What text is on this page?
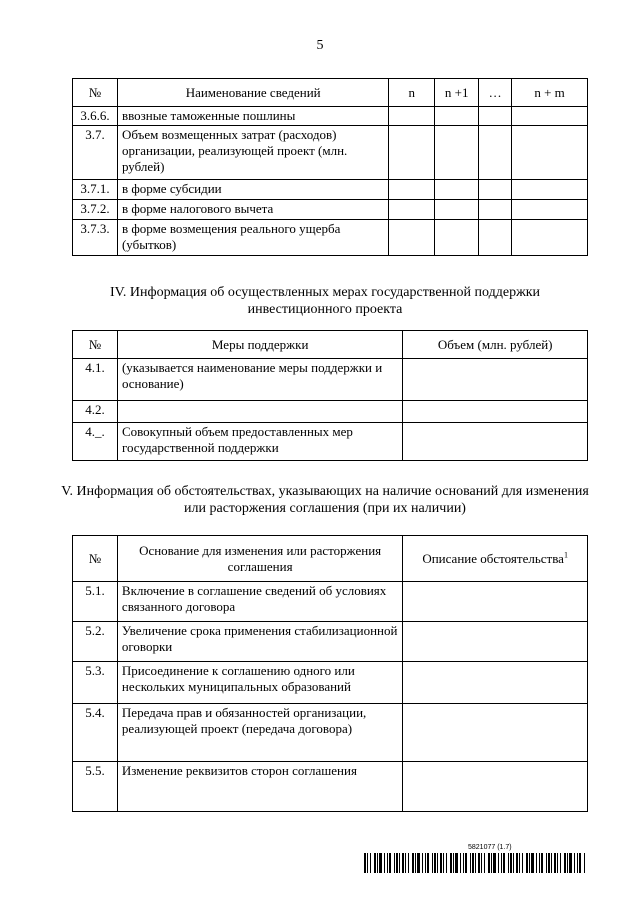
5
№	Наименование сведений	n	n +1	…	n + m
3.6.6.	ввозные таможенные пошлины				
3.7.	Объем возмещенных затрат (расходов) организации, реализующей проект (млн. рублей)				
3.7.1.	в форме субсидии				
3.7.2.	в форме налогового вычета				
3.7.3.	в форме возмещения реального ущерба (убытков)				
IV. Информация об осуществленных мерах государственной поддержки инвестиционного проекта
№	Меры поддержки	Объем (млн. рублей)
4.1.	(указывается наименование меры поддержки и основание)	
4.2.		
4._.	Совокупный объем предоставленных мер государственной поддержки	
V. Информация об обстоятельствах, указывающих на наличие оснований для изменения или расторжения соглашения (при их наличии)
№	Основание для изменения или расторжения соглашения	Описание обстоятельства$^1$
5.1.	Включение в соглашение сведений об условиях связанного договора	
5.2.	Увеличение срока применения стабилизационной оговорки	
5.3.	Присоединение к соглашению одного или нескольких муниципальных образований	
5.4.	Передача прав и обязанностей организации, реализующей проект (передача договора)	
5.5.	Изменение реквизитов сторон соглашения	
5821077 (1.7)
